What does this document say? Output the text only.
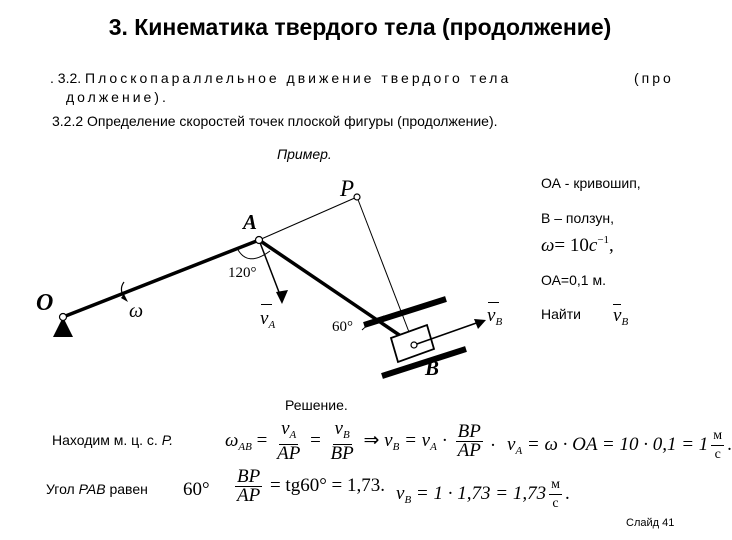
3. Кинематика твердого тела (продолжение)
. 3.2. Плоскопараллельное движение твердого тела	(про
должение).
3.2.2 Определение скоростей точек плоской фигуры (продолжение).
Пример.
ОА - кривошип,
В – ползун,
$\omega= 10с^{-1}$,
ОА=0,1 м.
Найти $v_B$
P
A
O
B
ω
120°
60°
$v_A$	$v_B$
Решение.
Находим м. ц. с. P.	$\omega_{AB} = \frac{v_A}{AP} = \frac{v_B}{BP}$ ⇒ $v_B = v_A \cdot \frac{BP}{AP}$ . $v_A = \omega$ · OA = 10 · 0,1 = 1 м
с .
Угол PAB равен $60^\circ \frac{BP}{AP} = tg60^\circ = 1,73$. $v_B = 1 \cdot 1,73 = 1,73$ м
с .
Слайд 41
